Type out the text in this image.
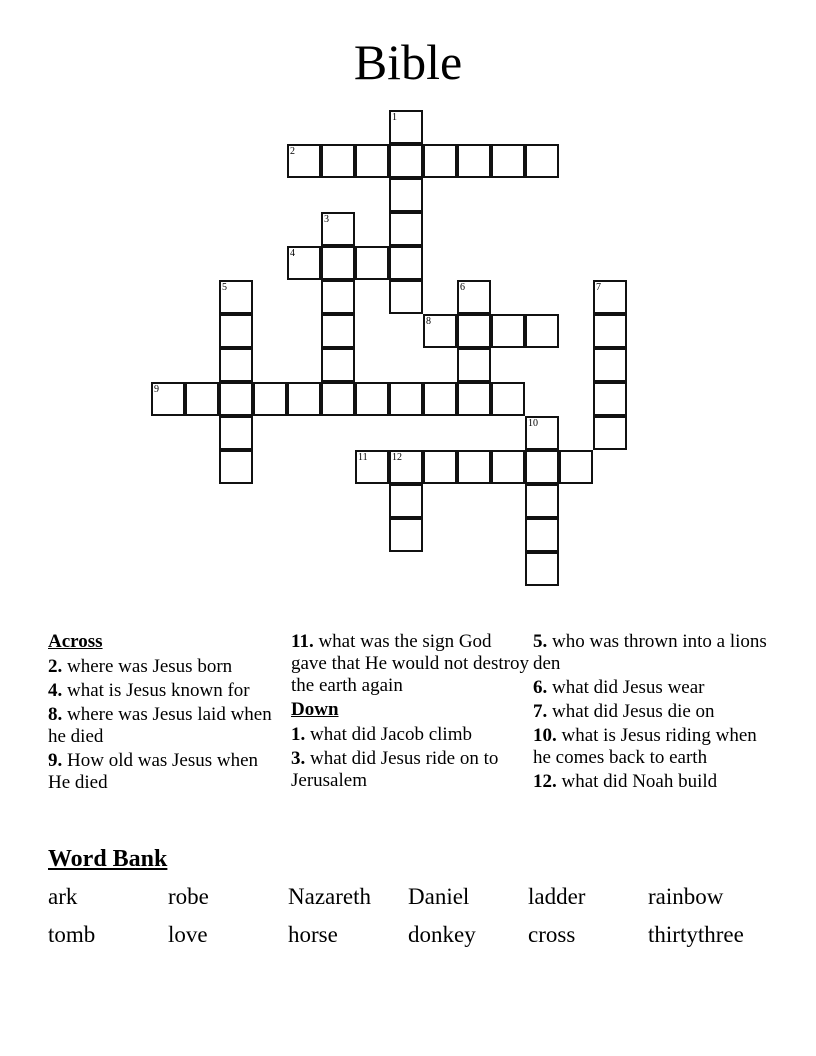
Bible
1
2
3
4
5	6	7
8
9
10
11 12
Across
2. where was Jesus born
4. what is Jesus known for
8. where was Jesus laid when he died
9. How old was Jesus when He died
11. what was the sign God gave that He would not destroy the earth again
Down
1. what did Jacob climb
3. what did Jesus ride on to Jerusalem
5. who was thrown into a lions den
6. what did Jesus wear
7. what did Jesus die on
10. what is Jesus riding when he comes back to earth
12. what did Noah build
Word Bank
ark	robe	Nazareth	Daniel	ladder	rainbow
tomb	love	horse	donkey	cross	thirtythree
